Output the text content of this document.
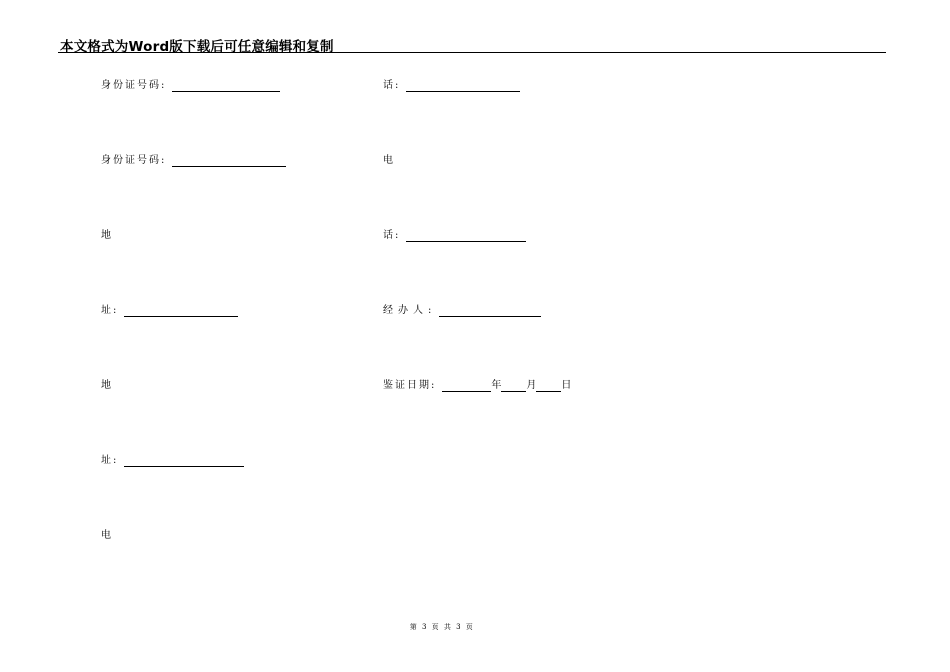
本文格式为Word版下载后可任意编辑和复制
身份证号码 :	话 :
身份证号码 :	电
地	话 :
址 :	经办人 :
地	鉴证日期 :	年	月	日
址 :
电
第 3 页 共 3 页
